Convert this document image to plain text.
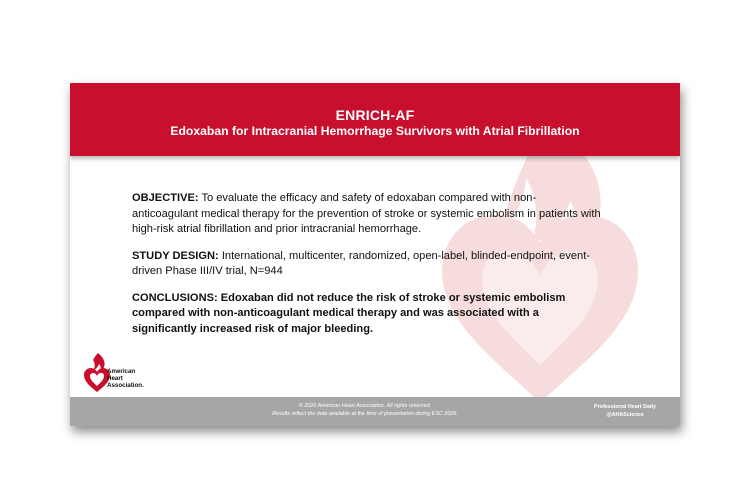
ENRICH-AF
Edoxaban for Intracranial Hemorrhage Survivors with Atrial Fibrillation

OBJECTIVE: To evaluate the efficacy and safety of edoxaban compared with non-anticoagulant medical therapy for the prevention of stroke or systemic embolism in patients with high-risk atrial fibrillation and prior intracranial hemorrhage.

STUDY DESIGN: International, multicenter, randomized, open-label, blinded-endpoint, event-driven Phase III/IV trial, N=944

CONCLUSIONS: Edoxaban did not reduce the risk of stroke or systemic embolism compared with non-anticoagulant medical therapy and was associated with a significantly increased risk of major bleeding.

American
Heart
Association.
© 2026 American Heart Association. All rights reserved.
Results reflect the data available at the time of presentation during ESC 2026.
Professional Heart Daily
@AHAScience
